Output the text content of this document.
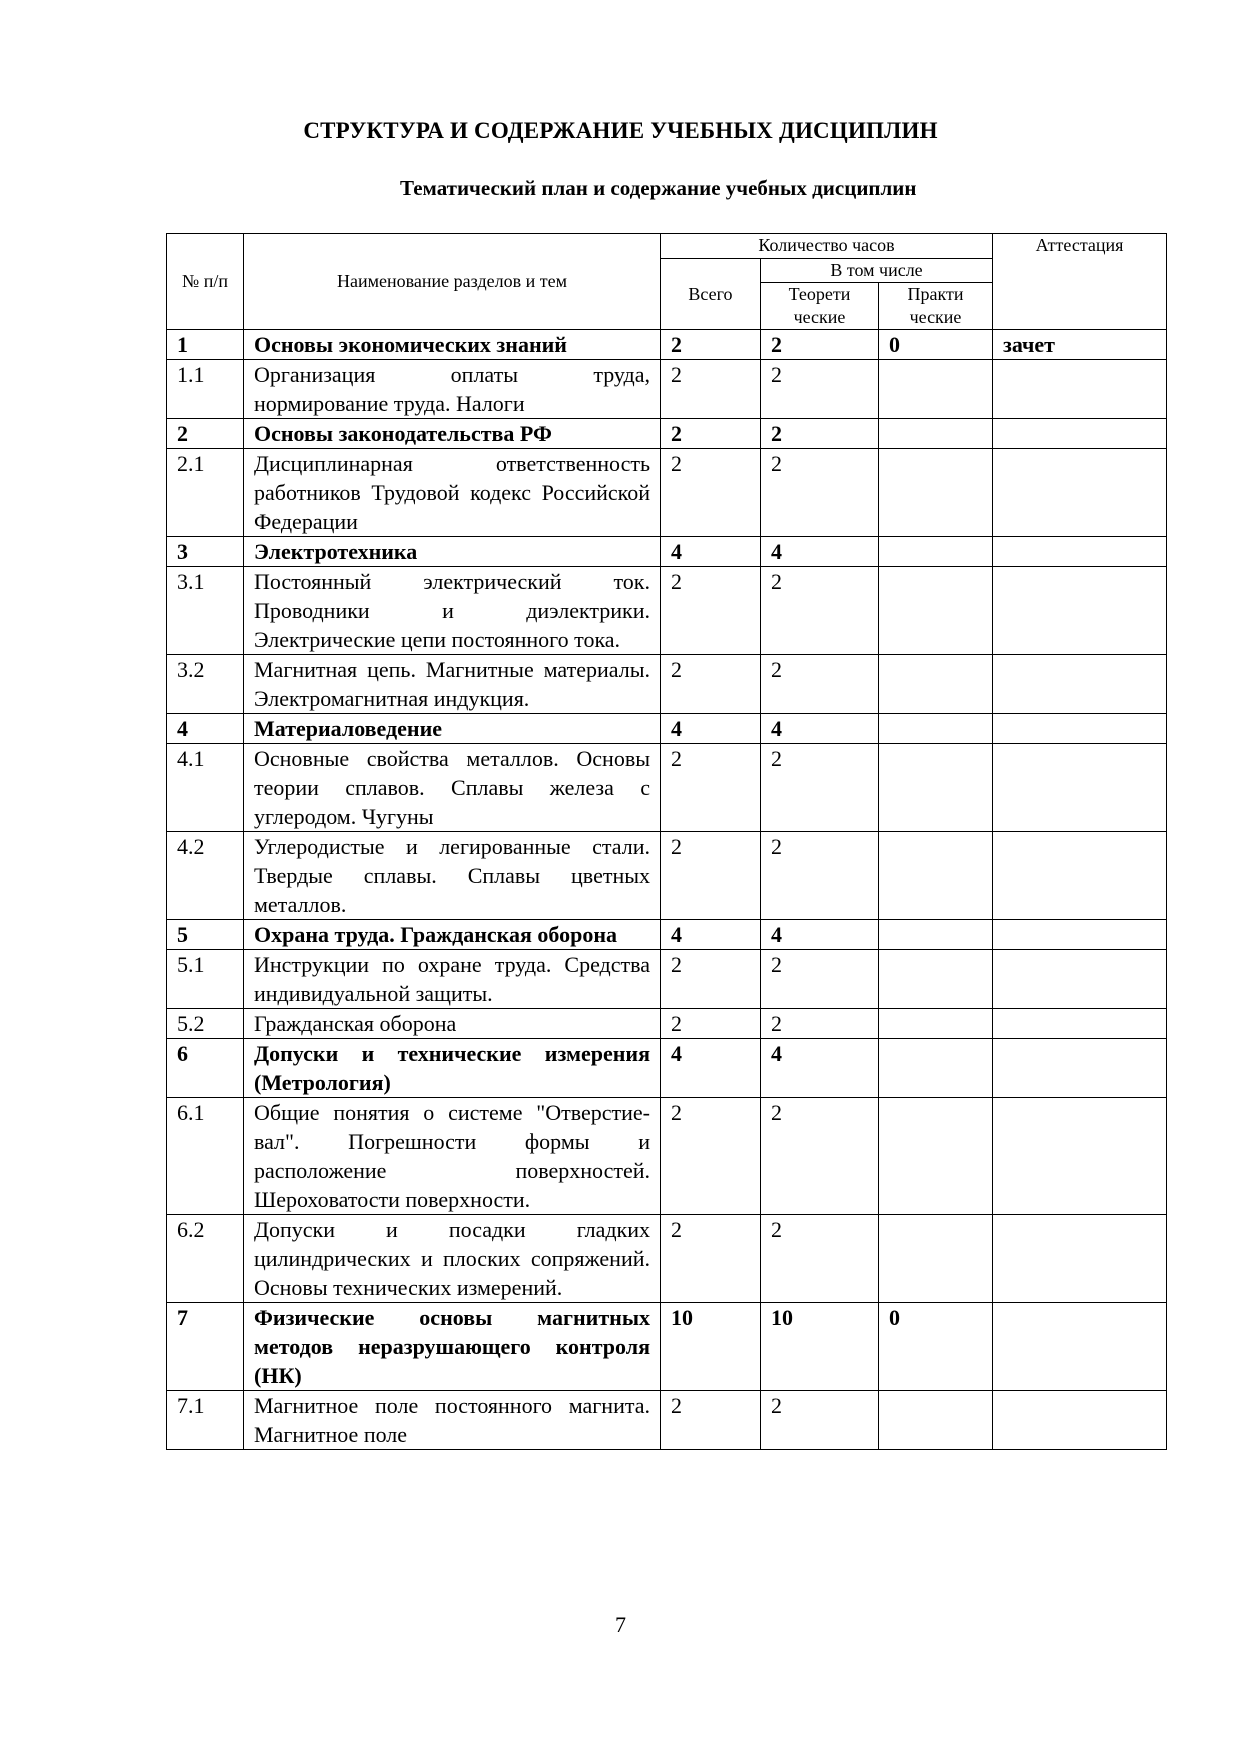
СТРУКТУРА И СОДЕРЖАНИЕ УЧЕБНЫХ ДИСЦИПЛИН
Тематический план и содержание учебных дисциплин
№ п/п	Наименование разделов и тем	Количество часов			Аттестация
		Всего	В том числе		
			Теорети ческие	Практи ческие	
1	Основы экономических знаний	2	2	0	зачет
1.1	Организация оплаты труда, нормирование труда. Налоги	2	2		
2	Основы законодательства РФ	2	2		
2.1	Дисциплинарная ответственность работников Трудовой кодекс Российской Федерации	2	2		
3	Электротехника	4	4		
3.1	Постоянный электрический ток. Проводники и диэлектрики. Электрические цепи постоянного тока.	2	2		
3.2	Магнитная цепь. Магнитные материалы. Электромагнитная индукция.	2	2		
4	Материаловедение	4	4		
4.1	Основные свойства металлов. Основы теории сплавов. Сплавы железа с углеродом. Чугуны	2	2		
4.2	Углеродистые и легированные стали. Твердые сплавы. Сплавы цветных металлов.	2	2		
5	Охрана труда. Гражданская оборона	4	4		
5.1	Инструкции по охране труда. Средства индивидуальной защиты.	2	2		
5.2	Гражданская оборона	2	2		
6	Допуски и технические измерения (Метрология)	4	4		
6.1	Общие понятия о системе "Отверстие-вал". Погрешности формы и расположение поверхностей. Шероховатости поверхности.	2	2		
6.2	Допуски и посадки гладких цилиндрических и плоских сопряжений. Основы технических измерений.	2	2		
7	Физические основы магнитных методов неразрушающего контроля (НК)	10	10	0	
7.1	Магнитное поле постоянного магнита. Магнитное поле	2	2		
7
